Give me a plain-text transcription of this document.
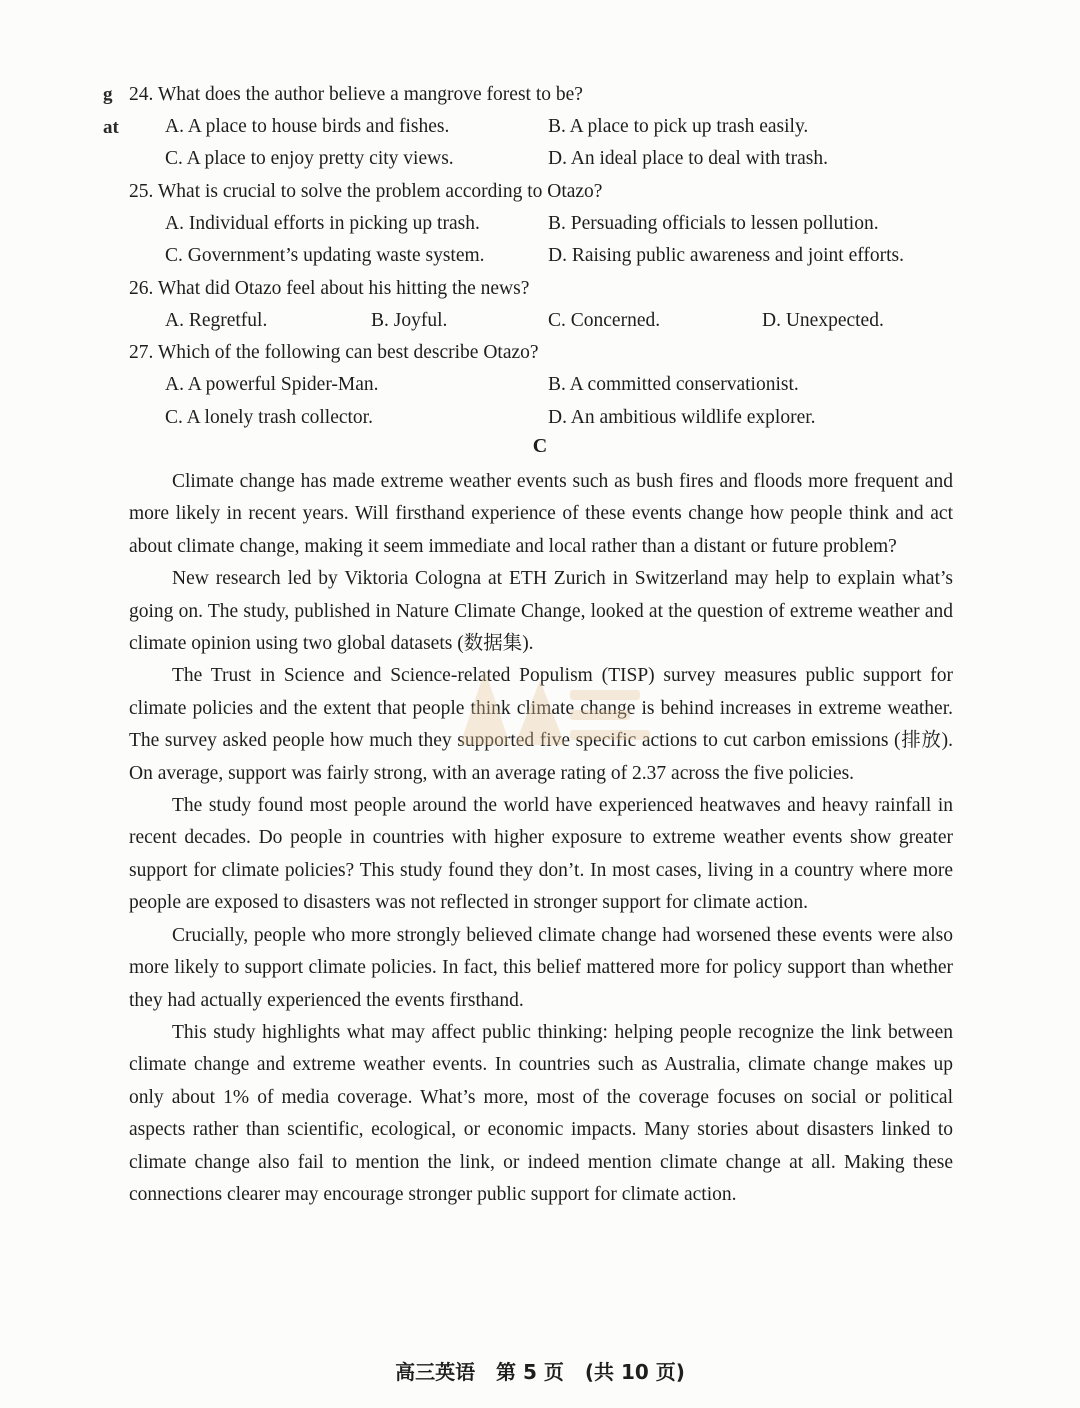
g
at
24. What does the author believe a mangrove forest to be?
A. A place to house birds and fishes.	B. A place to pick up trash easily.
C. A place to enjoy pretty city views.	D. An ideal place to deal with trash.
25. What is crucial to solve the problem according to Otazo?
A. Individual efforts in picking up trash.	B. Persuading officials to lessen pollution.
C. Government’s updating waste system.	D. Raising public awareness and joint efforts.
26. What did Otazo feel about his hitting the news?
A. Regretful.	B. Joyful.	C. Concerned.	D. Unexpected.
27. Which of the following can best describe Otazo?
A. A powerful Spider-Man.	B. A committed conservationist.
C. A lonely trash collector.	D. An ambitious wildlife explorer.
C

Climate change has made extreme weather events such as bush fires and floods more frequent and more likely in recent years. Will firsthand experience of these events change how people think and act about climate change, making it seem immediate and local rather than a distant or future problem?

New research led by Viktoria Cologna at ETH Zurich in Switzerland may help to explain what’s going on. The study, published in Nature Climate Change, looked at the question of extreme weather and climate opinion using two global datasets (数据集).

The Trust in Science and Science-related Populism (TISP) survey measures public support for climate policies and the extent that people think climate change is behind increases in extreme weather. The survey asked people how much they supported five specific actions to cut carbon emissions (排放). On average, support was fairly strong, with an average rating of 2.37 across the five policies.

The study found most people around the world have experienced heatwaves and heavy rainfall in recent decades. Do people in countries with higher exposure to extreme weather events show greater support for climate policies? This study found they don’t. In most cases, living in a country where more people are exposed to disasters was not reflected in stronger support for climate action.

Crucially, people who more strongly believed climate change had worsened these events were also more likely to support climate policies. In fact, this belief mattered more for policy support than whether they had actually experienced the events firsthand.

This study highlights what may affect public thinking: helping people recognize the link between climate change and extreme weather events. In countries such as Australia, climate change makes up only about 1% of media coverage. What’s more, most of the coverage focuses on social or political aspects rather than scientific, ecological, or economic impacts. Many stories about disasters linked to climate change also fail to mention the link, or indeed mention climate change at all. Making these connections clearer may encourage stronger public support for climate action.

高三英语 第 5 页 (共 10 页)
